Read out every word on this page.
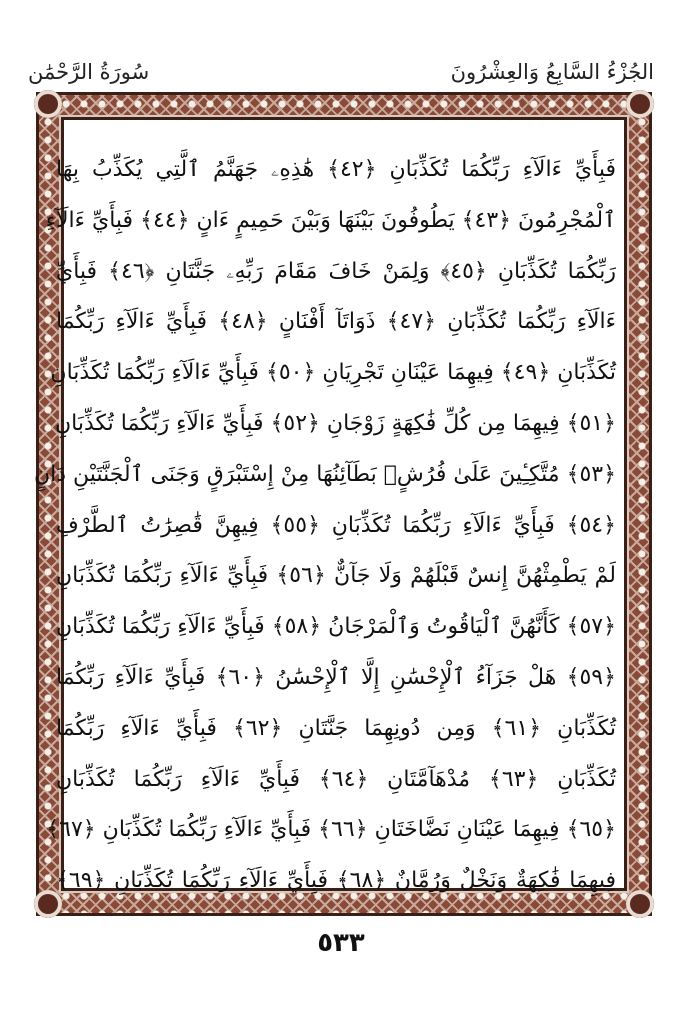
الجُزْءُ السَّابِعُ وَالعِشْرُونَ
سُورَةُ الرَّحْمَٰن
فَبِأَيِّ ءَالَآءِ رَبِّكُمَا تُكَذِّبَانِ ﴿٤٢﴾ هَٰذِهِۦ جَهَنَّمُ ٱلَّتِي يُكَذِّبُ بِهَا
ٱلْمُجْرِمُونَ ﴿٤٣﴾ يَطُوفُونَ بَيْنَهَا وَبَيْنَ حَمِيمٍ ءَانٍ ﴿٤٤﴾ فَبِأَيِّ ءَالَآءِ
رَبِّكُمَا تُكَذِّبَانِ ﴿٤٥﴾ وَلِمَنْ خَافَ مَقَامَ رَبِّهِۦ جَنَّتَانِ ﴿٤٦﴾ فَبِأَيِّ
ءَالَآءِ رَبِّكُمَا تُكَذِّبَانِ ﴿٤٧﴾ ذَوَاتَآ أَفْنَانٍ ﴿٤٨﴾ فَبِأَيِّ ءَالَآءِ رَبِّكُمَا
تُكَذِّبَانِ ﴿٤٩﴾ فِيهِمَا عَيْنَانِ تَجْرِيَانِ ﴿٥٠﴾ فَبِأَيِّ ءَالَآءِ رَبِّكُمَا تُكَذِّبَانِ
﴿٥١﴾ فِيهِمَا مِن كُلِّ فَٰكِهَةٍ زَوْجَانِ ﴿٥٢﴾ فَبِأَيِّ ءَالَآءِ رَبِّكُمَا تُكَذِّبَانِ
﴿٥٣﴾ مُتَّكِـِٔينَ عَلَىٰ فُرُشٍۭ بَطَآئِنُهَا مِنْ إِسْتَبْرَقٍ وَجَنَى ٱلْجَنَّتَيْنِ دَانٍ
﴿٥٤﴾ فَبِأَيِّ ءَالَآءِ رَبِّكُمَا تُكَذِّبَانِ ﴿٥٥﴾ فِيهِنَّ قَٰصِرَٰتُ ٱلطَّرْفِ
لَمْ يَطْمِثْهُنَّ إِنسٌ قَبْلَهُمْ وَلَا جَآنٌّ ﴿٥٦﴾ فَبِأَيِّ ءَالَآءِ رَبِّكُمَا تُكَذِّبَانِ
﴿٥٧﴾ كَأَنَّهُنَّ ٱلْيَاقُوتُ وَٱلْمَرْجَانُ ﴿٥٨﴾ فَبِأَيِّ ءَالَآءِ رَبِّكُمَا تُكَذِّبَانِ
﴿٥٩﴾ هَلْ جَزَآءُ ٱلْإِحْسَٰنِ إِلَّا ٱلْإِحْسَٰنُ ﴿٦٠﴾ فَبِأَيِّ ءَالَآءِ رَبِّكُمَا
تُكَذِّبَانِ ﴿٦١﴾ وَمِن دُونِهِمَا جَنَّتَانِ ﴿٦٢﴾ فَبِأَيِّ ءَالَآءِ رَبِّكُمَا
تُكَذِّبَانِ ﴿٦٣﴾ مُدْهَآمَّتَانِ ﴿٦٤﴾ فَبِأَيِّ ءَالَآءِ رَبِّكُمَا تُكَذِّبَانِ
﴿٦٥﴾ فِيهِمَا عَيْنَانِ نَضَّاخَتَانِ ﴿٦٦﴾ فَبِأَيِّ ءَالَآءِ رَبِّكُمَا تُكَذِّبَانِ ﴿٦٧﴾
فِيهِمَا فَٰكِهَةٌ وَنَخْلٌ وَرُمَّانٌ ﴿٦٨﴾ فَبِأَيِّ ءَالَآءِ رَبِّكُمَا تُكَذِّبَانِ ﴿٦٩﴾
٥٣٣
